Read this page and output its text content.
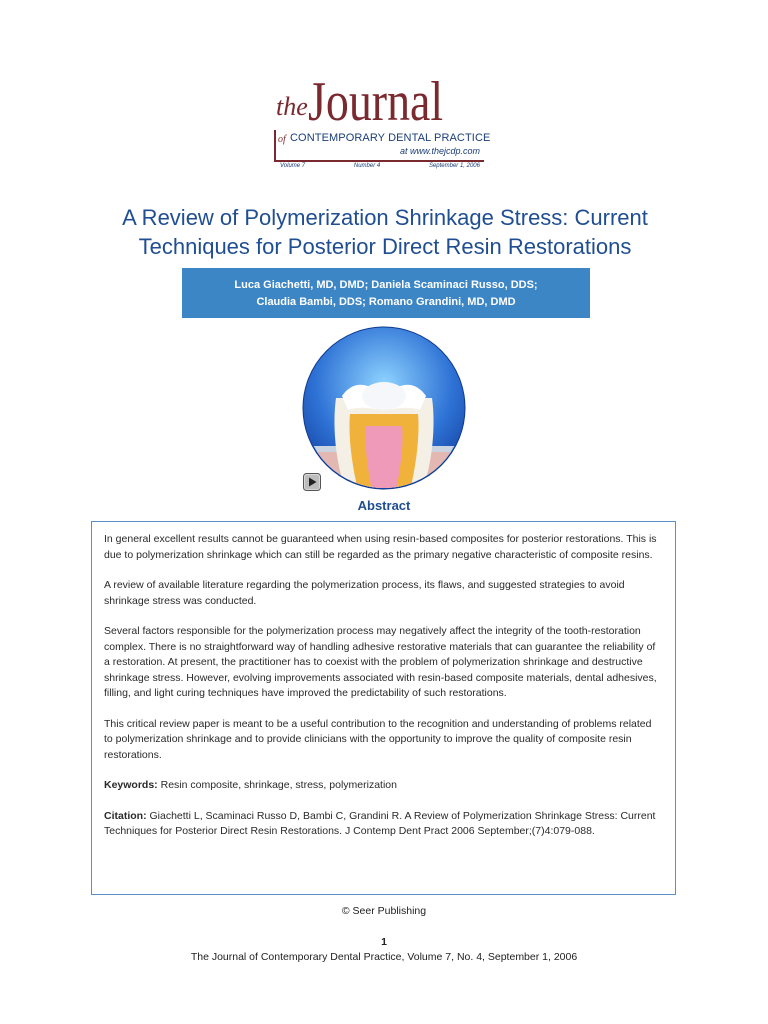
the Journal
of CONTEMPORARY DENTAL PRACTICE
at www.thejcdp.com
Volume 7	Number 4	September 1, 2006
A Review of Polymerization Shrinkage Stress: Current
Techniques for Posterior Direct Resin Restorations
Luca Giachetti, MD, DMD; Daniela Scaminaci Russo, DDS;
Claudia Bambi, DDS; Romano Grandini, MD, DMD
Abstract

In general excellent results cannot be guaranteed when using resin-based composites for posterior restorations. This is due to polymerization shrinkage which can still be regarded as the primary negative characteristic of composite resins.

A review of available literature regarding the polymerization process, its flaws, and suggested strategies to avoid shrinkage stress was conducted.

Several factors responsible for the polymerization process may negatively affect the integrity of the tooth-restoration complex. There is no straightforward way of handling adhesive restorative materials that can guarantee the reliability of a restoration. At present, the practitioner has to coexist with the problem of polymerization shrinkage and destructive shrinkage stress. However, evolving improvements associated with resin-based composite materials, dental adhesives, filling, and light curing techniques have improved the predictability of such restorations.

This critical review paper is meant to be a useful contribution to the recognition and understanding of problems related to polymerization shrinkage and to provide clinicians with the opportunity to improve the quality of composite resin restorations.

Keywords: Resin composite, shrinkage, stress, polymerization

Citation: Giachetti L, Scaminaci Russo D, Bambi C, Grandini R. A Review of Polymerization Shrinkage Stress: Current Techniques for Posterior Direct Resin Restorations. J Contemp Dent Pract 2006 September;(7)4:079-088.

© Seer Publishing
1
The Journal of Contemporary Dental Practice, Volume 7, No. 4, September 1, 2006
